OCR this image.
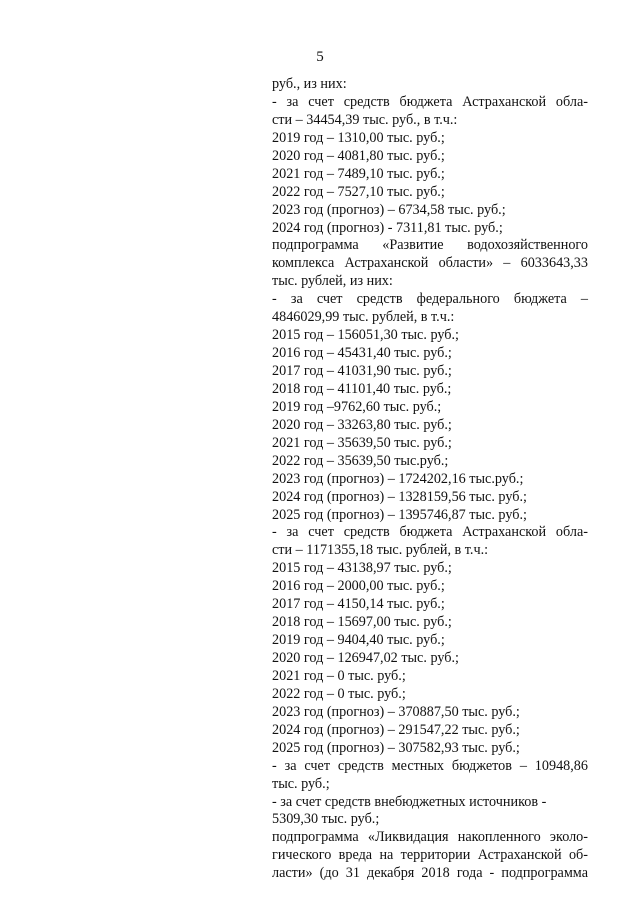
5
руб., из них:
- за счет средств бюджета Астраханской обла-
сти – 34454,39 тыс. руб., в т.ч.:
2019 год – 1310,00 тыс. руб.;
2020 год – 4081,80 тыс. руб.;
2021 год – 7489,10 тыс. руб.;
2022 год – 7527,10 тыс. руб.;
2023 год (прогноз) – 6734,58 тыс. руб.;
2024 год (прогноз) - 7311,81 тыс. руб.;
подпрограмма «Развитие водохозяйственного
комплекса Астраханской области» – 6033643,33
тыс. рублей, из них:
- за счет средств федерального бюджета –
4846029,99 тыс. рублей, в т.ч.:
2015 год – 156051,30 тыс. руб.;
2016 год – 45431,40 тыс. руб.;
2017 год – 41031,90 тыс. руб.;
2018 год – 41101,40 тыс. руб.;
2019 год –9762,60 тыс. руб.;
2020 год – 33263,80 тыс. руб.;
2021 год – 35639,50 тыс. руб.;
2022 год – 35639,50 тыс.руб.;
2023 год (прогноз) – 1724202,16 тыс.руб.;
2024 год (прогноз) – 1328159,56 тыс. руб.;
2025 год (прогноз) – 1395746,87 тыс. руб.;
- за счет средств бюджета Астраханской обла-
сти – 1171355,18 тыс. рублей, в т.ч.:
2015 год – 43138,97 тыс. руб.;
2016 год – 2000,00 тыс. руб.;
2017 год – 4150,14 тыс. руб.;
2018 год – 15697,00 тыс. руб.;
2019 год – 9404,40 тыс. руб.;
2020 год – 126947,02 тыс. руб.;
2021 год – 0 тыс. руб.;
2022 год – 0 тыс. руб.;
2023 год (прогноз) – 370887,50 тыс. руб.;
2024 год (прогноз) – 291547,22 тыс. руб.;
2025 год (прогноз) – 307582,93 тыс. руб.;
- за счет средств местных бюджетов – 10948,86
тыс. руб.;
- за счет средств внебюджетных источников -
5309,30 тыс. руб.;
подпрограмма «Ликвидация накопленного эколо-
гического вреда на территории Астраханской об-
ласти» (до 31 декабря 2018 года - подпрограмма
